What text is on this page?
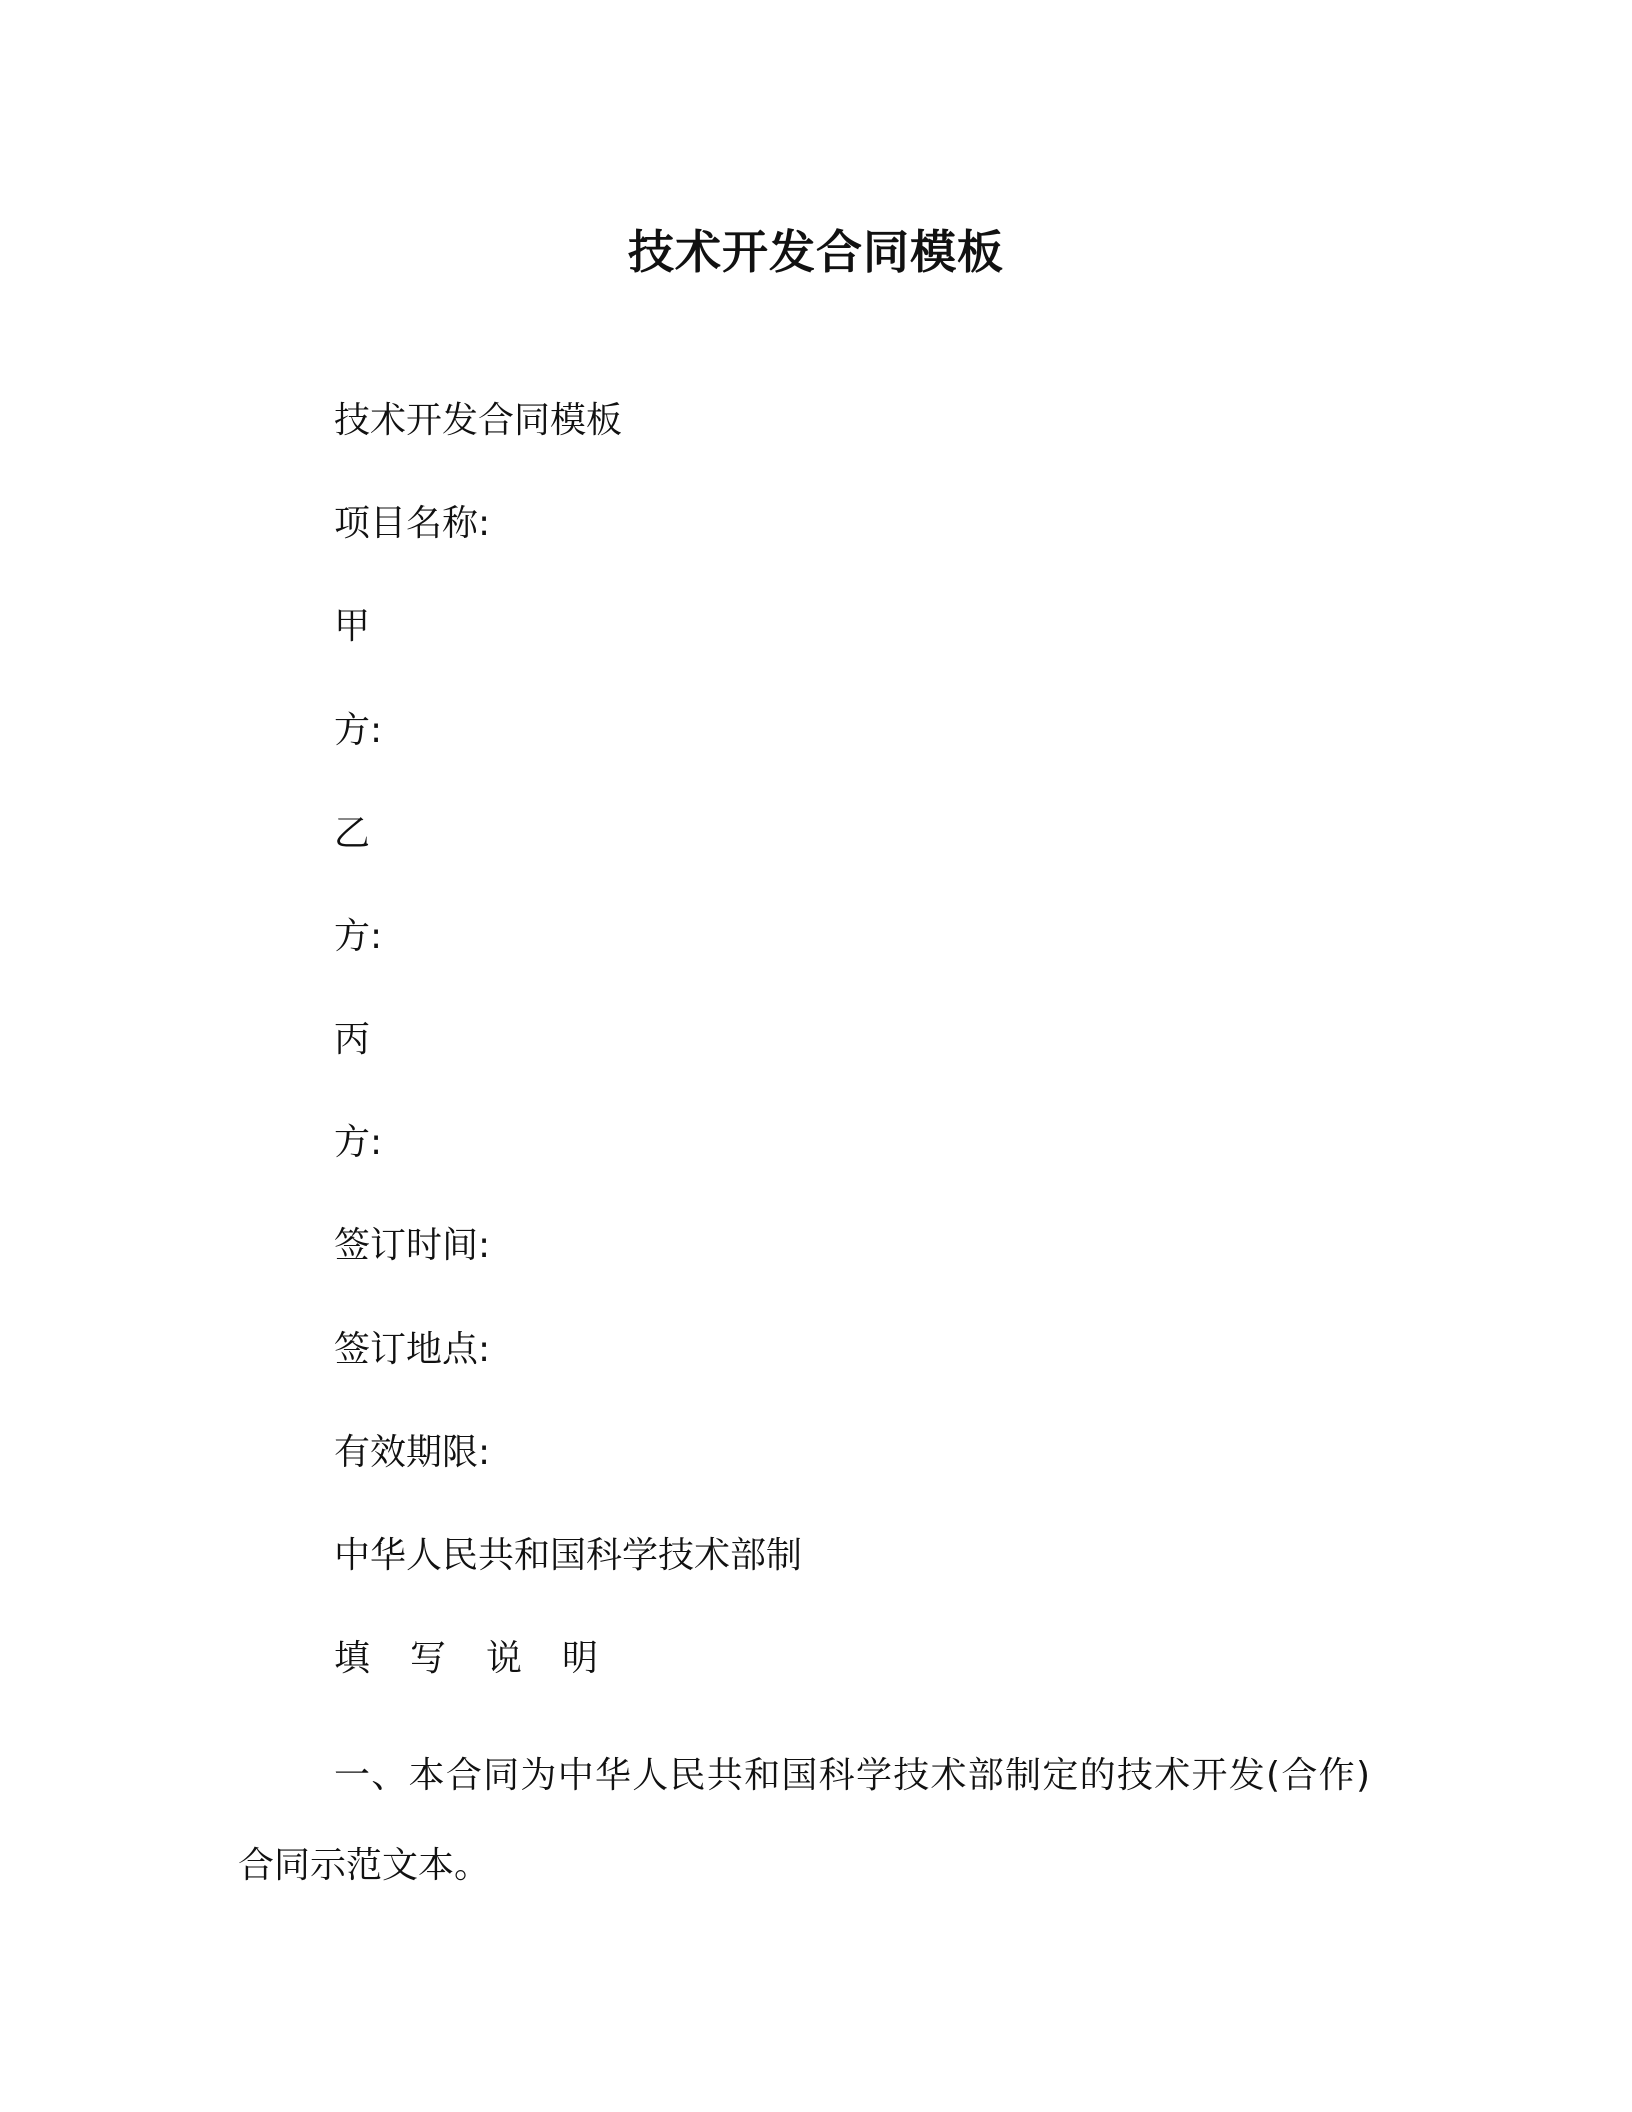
技术开发合同模板
技术开发合同模板
项目名称:
甲
方:
乙
方:
丙
方:
签订时间:
签订地点:
有效期限:
中华人民共和国科学技术部制
填 写 说 明
一、本合同为中华人民共和国科学技术部制定的技术开发(合作)合同示范文本。
